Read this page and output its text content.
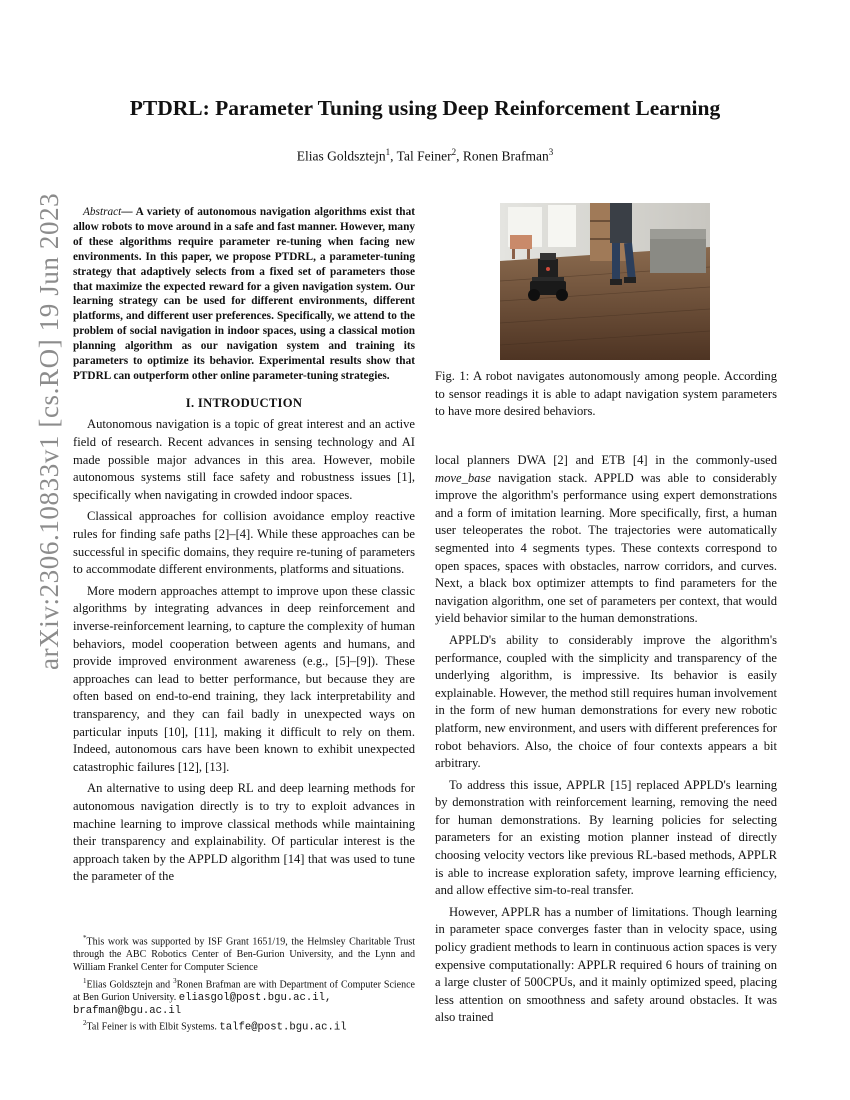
arXiv:2306.10833v1 [cs.RO] 19 Jun 2023
PTDRL: Parameter Tuning using Deep Reinforcement Learning
Elias Goldsztejn$^1$, Tal Feiner$^2$, Ronen Brafman$^3$

Abstract— A variety of autonomous navigation algorithms exist that allow robots to move around in a safe and fast manner. However, many of these algorithms require parameter re-tuning when facing new environments. In this paper, we propose PTDRL, a parameter-tuning strategy that adaptively selects from a fixed set of parameters those that maximize the expected reward for a given navigation system. Our learning strategy can be used for different environments, different platforms, and different user preferences. Specifically, we attend to the problem of social navigation in indoor spaces, using a classical motion planning algorithm as our navigation system and training its parameters to optimize its behavior. Experimental results show that PTDRL can outperform other online parameter-tuning strategies.

I. INTRODUCTION

Autonomous navigation is a topic of great interest and an active field of research. Recent advances in sensing technology and AI made possible major advances in this area. However, mobile autonomous systems still face safety and robustness issues [1], specifically when navigating in crowded indoor spaces.

Classical approaches for collision avoidance employ reactive rules for finding safe paths [2]–[4]. While these approaches can be successful in specific domains, they require re-tuning of parameters to accommodate different environments, platforms and situations.

More modern approaches attempt to improve upon these classic algorithms by integrating advances in deep reinforcement and inverse-reinforcement learning, to capture the complexity of human behaviors, model cooperation between agents and humans, and provide improved environment awareness (e.g., [5]–[9]). These approaches can lead to better performance, but because they are often based on end-to-end training, they lack interpretability and transparency, and they can fail badly in unexpected ways on particular inputs [10], [11], making it difficult to rely on them. Indeed, autonomous cars have been known to exhibit unexpected catastrophic failures [12], [13].

An alternative to using deep RL and deep learning methods for autonomous navigation directly is to try to exploit advances in machine learning to improve classical methods while maintaining their transparency and explainability. Of particular interest is the approach taken by the APPLD algorithm [14] that was used to tune the parameter of the

*This work was supported by ISF Grant 1651/19, the Helmsley Charitable Trust through the ABC Robotics Center of Ben-Gurion University, and the Lynn and William Frankel Center for Computer Science

$^1$Elias Goldsztejn and $^3$Ronen Brafman are with Department of Computer Science at Ben Gurion University. eliasgol@post.bgu.ac.il,
brafman@bgu.ac.il

$^2$Tal Feiner is with Elbit Systems. talfe@post.bgu.ac.il

Fig. 1: A robot navigates autonomously among people. According to sensor readings it is able to adapt navigation system parameters to have more desired behaviors.

local planners DWA [2] and ETB [4] in the commonly-used move_base navigation stack. APPLD was able to considerably improve the algorithm's performance using expert demonstrations and a form of imitation learning. More specifically, first, a human user teleoperates the robot. The trajectories were automatically segmented into 4 segments types. These contexts correspond to open spaces, spaces with obstacles, narrow corridors, and curves. Next, a black box optimizer attempts to find parameters for the navigation algorithm, one set of parameters per context, that would yield behavior similar to the human demonstrations.

APPLD's ability to considerably improve the algorithm's performance, coupled with the simplicity and transparency of the underlying algorithm, is impressive. Its behavior is easily explainable. However, the method still requires human involvement in the form of new human demonstrations for every new robotic platform, new environment, and users with different preferences for robot behaviors. Also, the choice of four contexts appears a bit arbitrary.

To address this issue, APPLR [15] replaced APPLD's learning by demonstration with reinforcement learning, removing the need for human demonstrations. By learning policies for selecting parameters for an existing motion planner instead of directly choosing velocity vectors like previous RL-based methods, APPLR is able to increase exploration safety, improve learning efficiency, and allow effective sim-to-real transfer.

However, APPLR has a number of limitations. Though learning in parameter space converges faster than in velocity space, using policy gradient methods to learn in continuous action spaces is very expensive computationally: APPLR required 6 hours of training on a large cluster of 500CPUs, and it mainly optimized speed, placing less attention on smoothness and safety around obstacles. It was also trained
